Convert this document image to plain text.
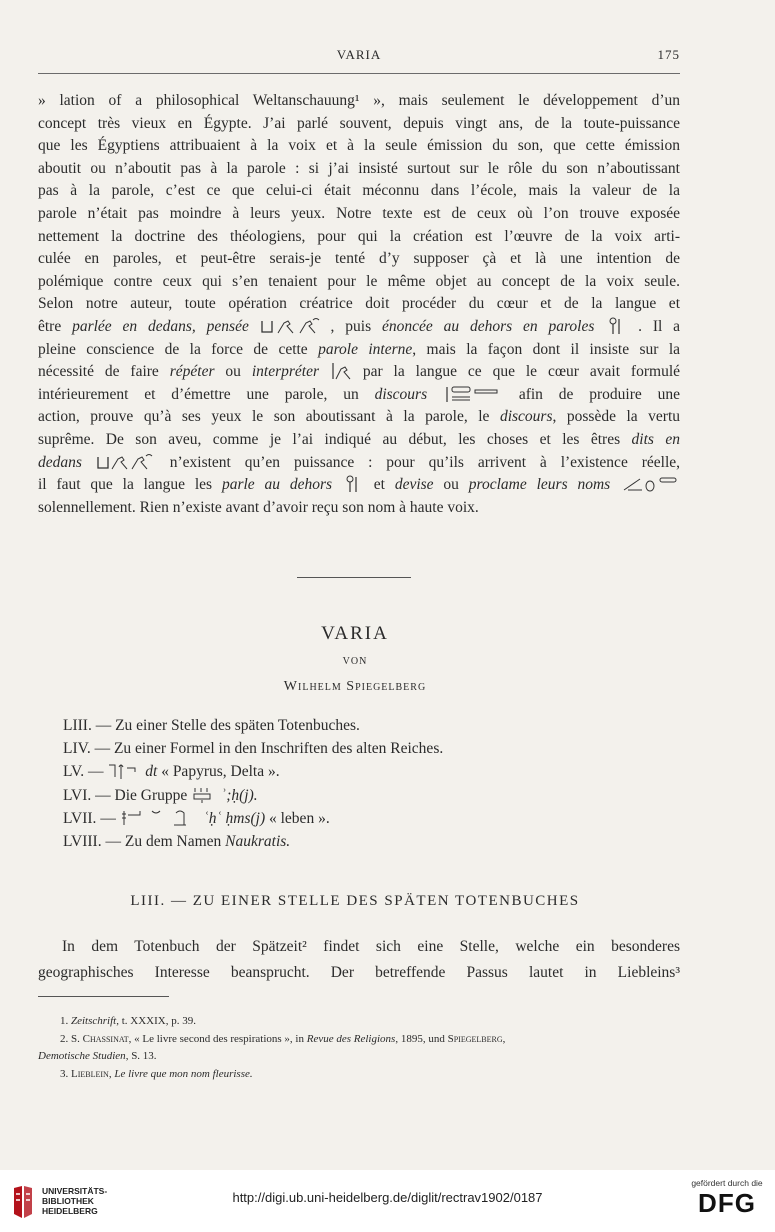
VARIA	175
» lation of a philosophical Weltanschauung¹ », mais seulement le développement d’un
concept très vieux en Égypte. J’ai parlé souvent, depuis vingt ans, de la toute-puissance
que les Égyptiens attribuaient à la voix et à la seule émission du son, que cette émission
aboutit ou n’aboutit pas à la parole : si j’ai insisté surtout sur le rôle du son n’aboutissant
pas à la parole, c’est ce que celui-ci était méconnu dans l’école, mais la valeur de la
parole n’était pas moindre à leurs yeux. Notre texte est de ceux où l’on trouve exposée
nettement la doctrine des théologiens, pour qui la création est l’œuvre de la voix arti-
culée en paroles, et peut-être serais-je tenté d’y supposer çà et là une intention de
polémique contre ceux qui s’en tenaient pour le même objet au concept de la voix seule.
Selon notre auteur, toute opération créatrice doit procéder du cœur et de la langue et
être parlée en dedans, pensée	, puis énoncée au dehors en paroles	. Il a
pleine conscience de la force de cette parole interne, mais la façon dont il insiste sur la
nécessité de faire répéter ou interpréter	par la langue ce que le cœur avait formulé
intérieurement et d’émettre une parole, un discours	afin de produire une
action, prouve qu’à ses yeux le son aboutissant à la parole, le discours, possède la vertu
suprême. De son aveu, comme je l’ai indiqué au début, les choses et les êtres dits en
dedans	n’existent qu’en puissance : pour qu’ils arrivent à l’existence réelle,
il faut que la langue les parle au dehors	et devise ou proclame leurs noms
solennellement. Rien n’existe avant d’avoir reçu son nom à haute voix.
VARIA
VON
Wilhelm Spiegelberg
LIII. — Zu einer Stelle des späten Totenbuches.
LIV. — Zu einer Formel in den Inschriften des alten Reiches.
LV. —	dt « Papyrus, Delta ».
LVI. — Die Gruppe ʾ;ḥ(j).
LVII. —	ʿḥʿ ḥms(j) « leben ».
LVIII. — Zu dem Namen Naukratis.
LIII. — ZU EINER STELLE DES SPÄTEN TOTENBUCHES
In dem Totenbuch der Spätzeit² findet sich eine Stelle, welche ein besonderes
geographisches Interesse beansprucht. Der betreffende Passus lautet in Liebleins³
1. Zeitschrift, t. XXXIX, p. 39.
2. S. Chassinat, « Le livre second des respirations », in Revue des Religions, 1895, und Spiegelberg,
Demotische Studien, S. 13.
3. Lieblein, Le livre que mon nom fleurisse.
UNIVERSITÄTS-
BIBLIOTHEK
HEIDELBERG
http://digi.ub.uni-heidelberg.de/diglit/rectrav1902/0187
gefördert durch die
DFG
